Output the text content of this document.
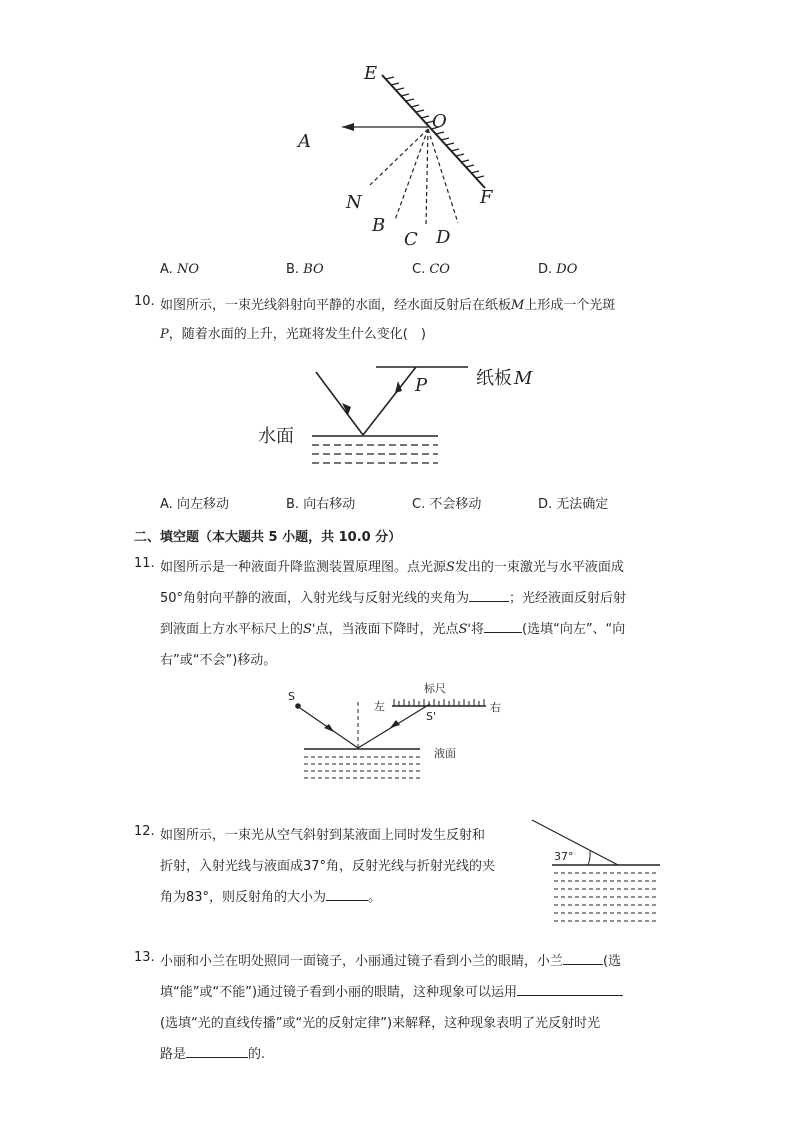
E
O
A
F
N
B
C D
A. NO	B. BO	C. CO	D. DO
10. 如图所示，一束光线斜射向平静的水面，经水面反射后在纸板M上形成一个光斑
P，随着水面的上升，光斑将发生什么变化(　)
水面
纸板 M
P
A. 向左移动	B. 向右移动	C. 不会移动	D. 无法确定
二、填空题（本大题共 5 小题，共 10.0 分）
11. 如图所示是一种液面升降监测装置原理图。点光源S发出的一束激光与水平液面成
50°角射向平静的液面，入射光线与反射光线的夹角为	；光经液面反射后射
到液面上方水平标尺上的S'点，当液面下降时，光点S'将	(选填“向左”、“向
右”或“不会”)移动。
S
左
标尺
右
S'
液面
12. 如图所示，一束光从空气斜射到某液面上同时发生反射和
折射，入射光线与液面成37°角，反射光线与折射光线的夹
角为83°，则反射角的大小为	。
37°
13. 小丽和小兰在明处照同一面镜子，小丽通过镜子看到小兰的眼睛，小兰	(选
填“能”或“不能”)通过镜子看到小丽的眼睛，这种现象可以运用
(选填“光的直线传播”或“光的反射定律”)来解释，这种现象表明了光反射时光
路是	的.
